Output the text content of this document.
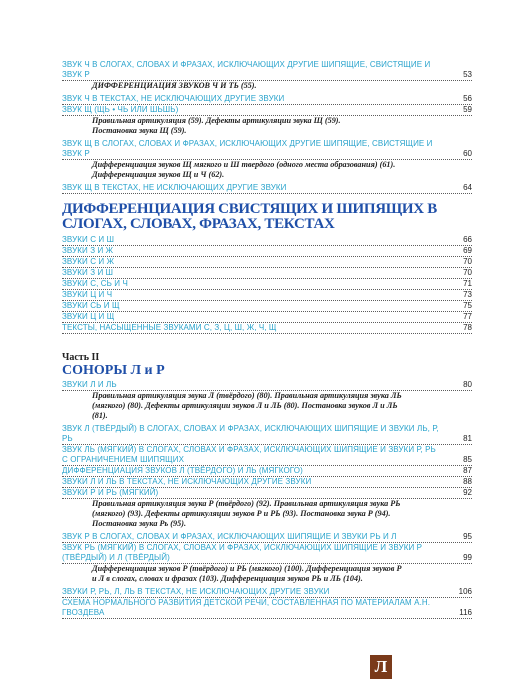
ЗВУК Ч В СЛОГАХ, СЛОВАХ И ФРАЗАХ, ИСКЛЮЧАЮЩИХ ДРУГИЕ ШИПЯЩИЕ, СВИСТЯЩИЕ И ЗВУК Р	53
ДИФФЕРЕНЦИАЦИЯ ЗВУКОВ Ч И ТЬ (55).
ЗВУК Ч В ТЕКСТАХ, НЕ ИСКЛЮЧАЮЩИХ ДРУГИЕ ЗВУКИ	56
ЗВУК Щ (ЩЬ • ЧЬ ИЛИ ШЬШЬ)	59
Правильная артикуляция (59). Дефекты артикуляции звука Щ (59).
Постановка звука Щ (59).
ЗВУК Щ В СЛОГАХ, СЛОВАХ И ФРАЗАХ, ИСКЛЮЧАЮЩИХ ДРУГИЕ ШИПЯЩИЕ, СВИСТЯЩИЕ И ЗВУК Р	60
Дифференциация звуков Щ мягкого и Ш твердого (одного места образования) (61). Дифференциация звуков Щ и Ч (62).
ЗВУК Щ В ТЕКСТАХ, НЕ ИСКЛЮЧАЮЩИХ ДРУГИЕ ЗВУКИ	64
ДИФФЕРЕНЦИАЦИЯ СВИСТЯЩИХ И ШИПЯЩИХ В СЛОГАХ, СЛОВАХ, ФРАЗАХ, ТЕКСТАХ
ЗВУКИ С И Ш	66
ЗВУКИ З И Ж	69
ЗВУКИ С И Ж	70
ЗВУКИ З И Ш	70
ЗВУКИ С, СЬ И Ч	71
ЗВУКИ Ц И Ч	73
ЗВУКИ СЬ И Щ	75
ЗВУКИ Ц И Щ	77
ТЕКСТЫ, НАСЫЩЕННЫЕ ЗВУКАМИ С, З, Ц, Ш, Ж, Ч, Щ	78
Часть II
СОНОРЫ Л и Р
ЗВУКИ Л И ЛЬ	80
Правильная артикуляция звука Л (твёрдого) (80). Правильная артикуляция звука ЛЬ (мягкого) (80). Дефекты артикуляции звуков Л и ЛЬ (80). Постановка звуков Л и ЛЬ (81).
ЗВУК Л (ТВЁРДЫЙ) В СЛОГАХ, СЛОВАХ И ФРАЗАХ, ИСКЛЮЧАЮЩИХ ШИПЯЩИЕ И ЗВУКИ ЛЬ, Р, РЬ	81
ЗВУК ЛЬ (МЯГКИЙ) В СЛОГАХ, СЛОВАХ И ФРАЗАХ, ИСКЛЮЧАЮЩИХ ШИПЯЩИЕ И ЗВУКИ Р, РЬ С ОГРАНИЧЕНИЕМ ШИПЯЩИХ	85
ДИФФЕРЕНЦИАЦИЯ ЗВУКОВ Л (ТВЁРДОГО) И ЛЬ (МЯГКОГО)	87
ЗВУКИ Л И ЛЬ В ТЕКСТАХ, НЕ ИСКЛЮЧАЮЩИХ ДРУГИЕ ЗВУКИ	88
ЗВУКИ Р И РЬ (МЯГКИЙ)	92
Правильная артикуляция звука Р (твёрдого) (92). Правильная артикуляция звука РЬ (мягкого) (93). Дефекты артикуляции звуков Р и РЬ (93). Постановка звука Р (94). Постановка звука Рь (95).
ЗВУК Р В СЛОГАХ, СЛОВАХ И ФРАЗАХ, ИСКЛЮЧАЮЩИХ ШИПЯЩИЕ И ЗВУКИ РЬ И Л	95
ЗВУК РЬ (МЯГКИЙ) В СЛОГАХ, СЛОВАХ И ФРАЗАХ, ИСКЛЮЧАЮЩИХ ШИПЯЩИЕ И ЗВУКИ Р (ТВЁРДЫЙ) И Л (ТВЁРДЫЙ)	99
Дифференциация звуков Р (твёрдого) и РЬ (мягкого) (100). Дифференциация звуков Р и Л в слогах, словах и фразах (103). Дифференциация звуков РЬ и ЛЬ (104).
ЗВУКИ Р, РЬ, Л, ЛЬ В ТЕКСТАХ, НЕ ИСКЛЮЧАЮЩИХ ДРУГИЕ ЗВУКИ	106
СХЕМА НОРМАЛЬНОГО РАЗВИТИЯ ДЕТСКОЙ РЕЧИ, СОСТАВЛЕННАЯ ПО МАТЕРИАЛАМ А.Н. ГВОЗДЕВА	116
Л
